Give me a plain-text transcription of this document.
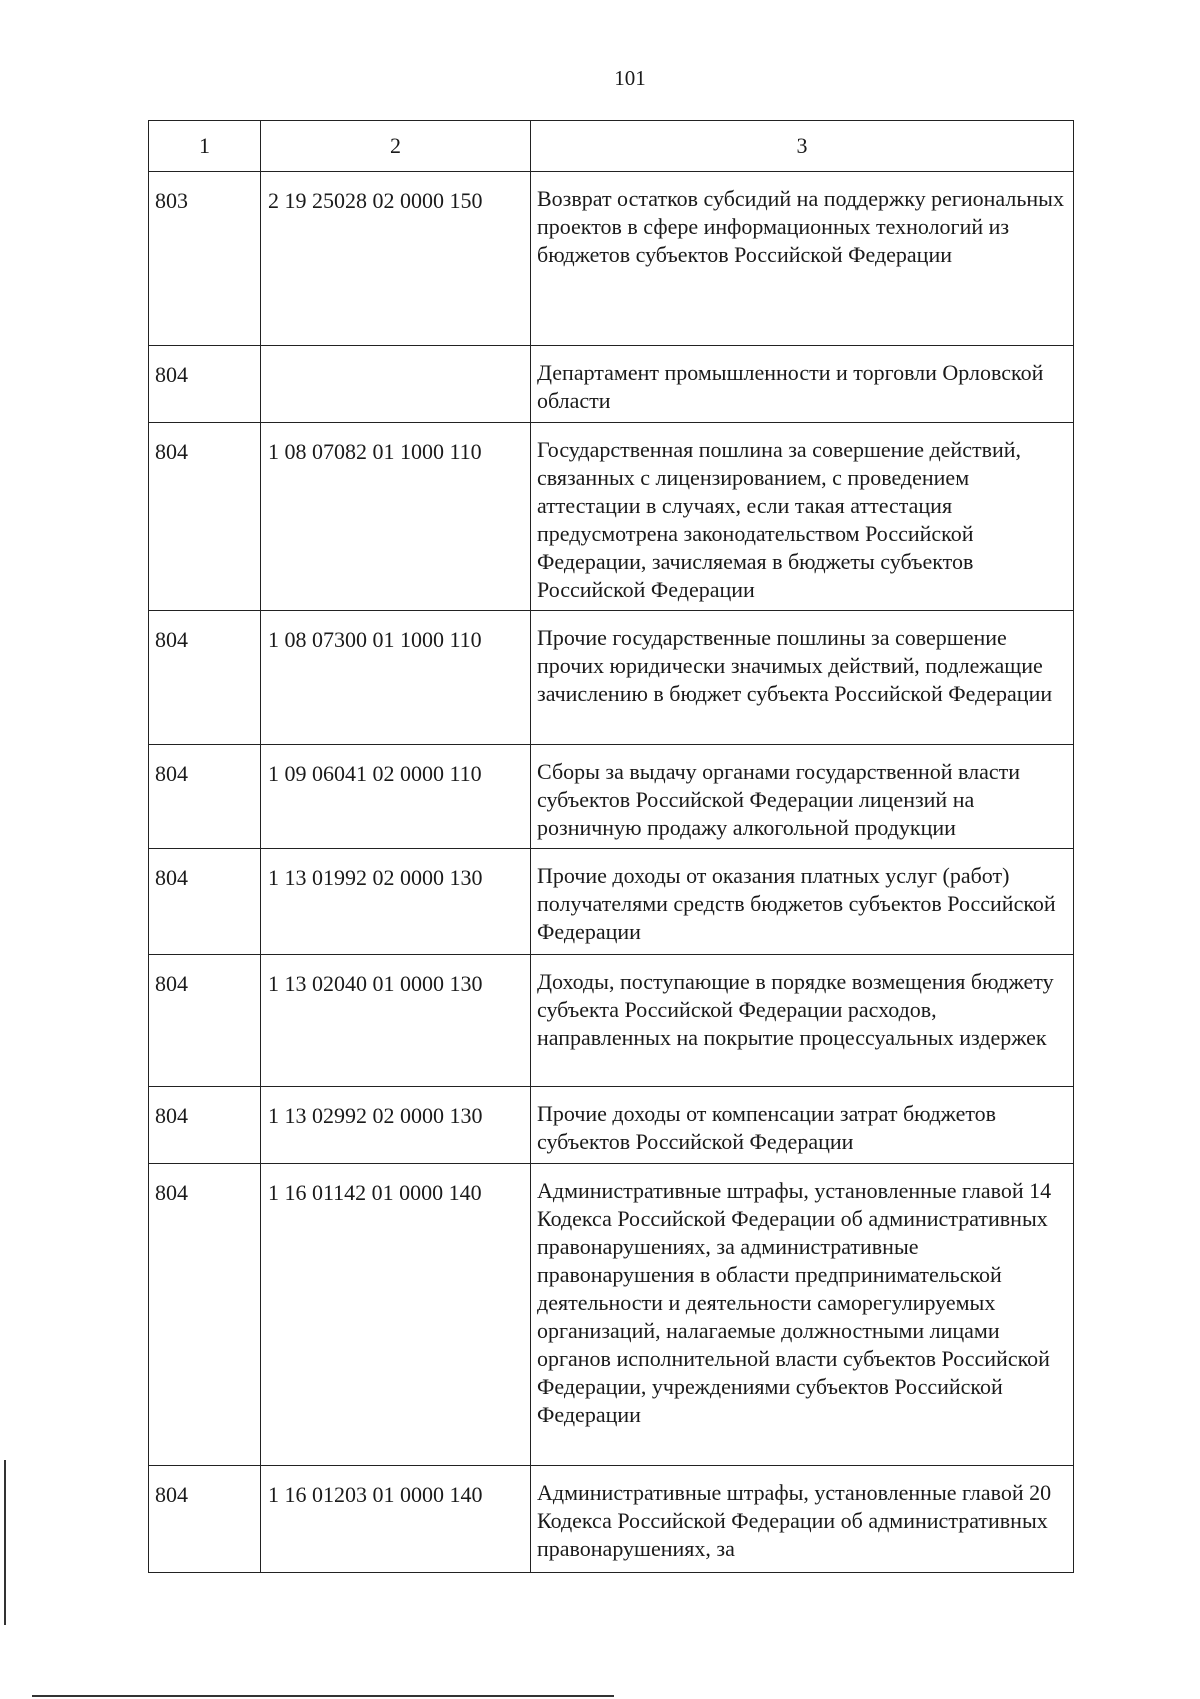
101
1	2	3
803	2 19 25028 02 0000 150	Возврат остатков субсидий на поддержку региональных проектов в сфере информационных технологий из бюджетов субъектов Российской Федерации
804		Департамент промышленности и торговли Орловской области
804	1 08 07082 01 1000 110	Государственная пошлина за совершение действий, связанных с лицензированием, с проведением аттестации в случаях, если такая аттестация предусмотрена законодательством Российской Федерации, зачисляемая в бюджеты субъектов Российской Федерации
804	1 08 07300 01 1000 110	Прочие государственные пошлины за совершение прочих юридически значимых действий, подлежащие зачислению в бюджет субъекта Российской Федерации
804	1 09 06041 02 0000 110	Сборы за выдачу органами государственной власти субъектов Российской Федерации лицензий на розничную продажу алкогольной продукции
804	1 13 01992 02 0000 130	Прочие доходы от оказания платных услуг (работ) получателями средств бюджетов субъектов Российской Федерации
804	1 13 02040 01 0000 130	Доходы, поступающие в порядке возмещения бюджету субъекта Российской Федерации расходов, направленных на покрытие процессуальных издержек
804	1 13 02992 02 0000 130	Прочие доходы от компенсации затрат бюджетов субъектов Российской Федерации
804	1 16 01142 01 0000 140	Административные штрафы, установленные главой 14 Кодекса Российской Федерации об административных правонарушениях, за административные правонарушения в области предпринимательской деятельности и деятельности саморегулируемых организаций, налагаемые должностными лицами органов исполнительной власти субъектов Российской Федерации, учреждениями субъектов Российской Федерации
804	1 16 01203 01 0000 140	Административные штрафы, установленные главой 20 Кодекса Российской Федерации об административных правонарушениях, за
